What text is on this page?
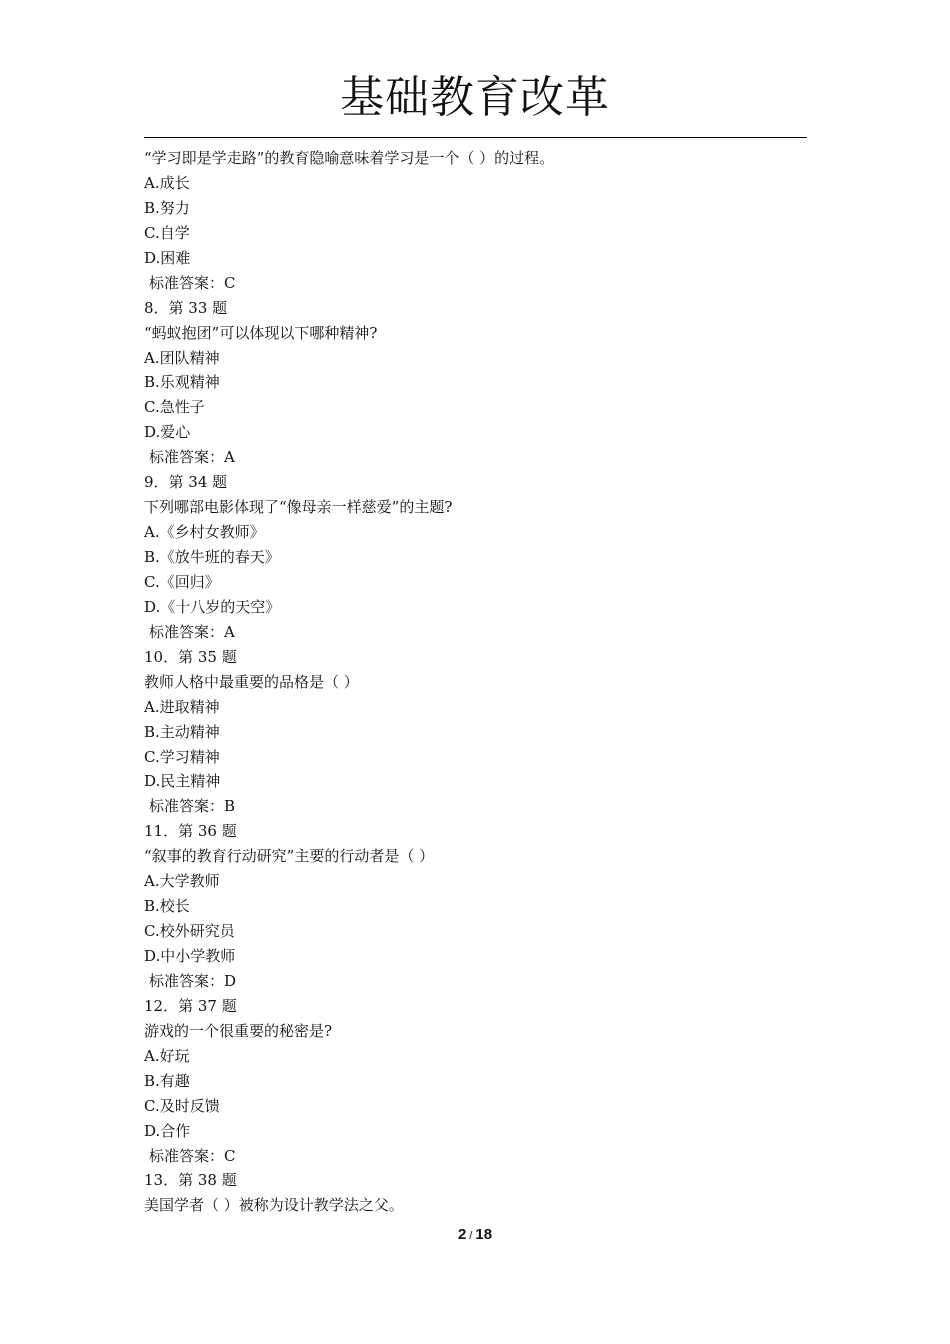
基础教育改革
“学习即是学走路”的教育隐喻意味着学习是一个（ ）的过程。
A.成长
B.努力
C.自学
D.困难
标准答案：C
8．第 33 题
“蚂蚁抱团”可以体现以下哪种精神?
A.团队精神
B.乐观精神
C.急性子
D.爱心
标准答案：A
9．第 34 题
下列哪部电影体现了“像母亲一样慈爱”的主题?
A.《乡村女教师》
B.《放牛班的春天》
C.《回归》
D.《十八岁的天空》
标准答案：A
10．第 35 题
教师人格中最重要的品格是（ ）
A.进取精神
B.主动精神
C.学习精神
D.民主精神
标准答案：B
11．第 36 题
“叙事的教育行动研究”主要的行动者是（ ）
A.大学教师
B.校长
C.校外研究员
D.中小学教师
标准答案：D
12．第 37 题
游戏的一个很重要的秘密是?
A.好玩
B.有趣
C.及时反馈
D.合作
标准答案：C
13．第 38 题
美国学者（ ）被称为设计教学法之父。
2 / 18
